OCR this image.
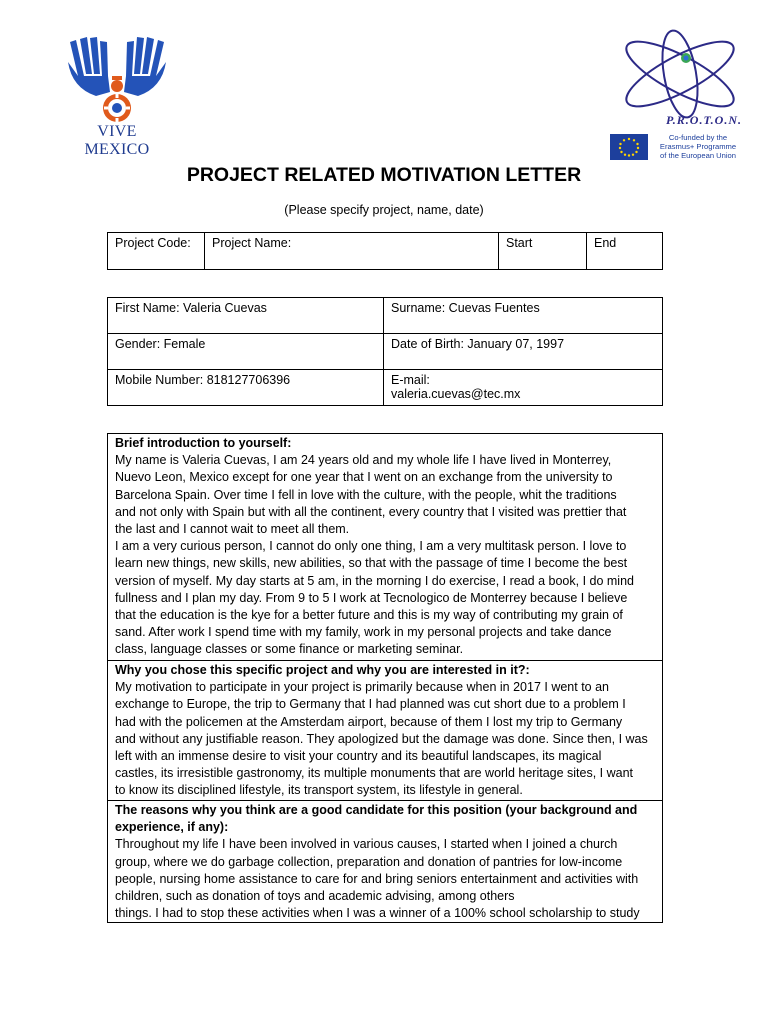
VIVE MEXICO
P.R.O.T.O.N.
Co-funded by the
Erasmus+ Programme
of the European Union
PROJECT RELATED MOTIVATION LETTER
(Please specify project, name, date)
Project Code:	Project Name:	Start	End
First Name: Valeria Cuevas	Surname: Cuevas Fuentes
Gender: Female	Date of Birth: January 07, 1997
Mobile Number: 818127706396	E-mail:
valeria.cuevas@tec.mx
Brief introduction to yourself:
My name is Valeria Cuevas, I am 24 years old and my whole life I have lived in Monterrey,
Nuevo Leon, Mexico except for one year that I went on an exchange from the university to
Barcelona Spain. Over time I fell in love with the culture, with the people, whit the traditions
and not only with Spain but with all the continent, every country that I visited was prettier that
the last and I cannot wait to meet all them.
I am a very curious person, I cannot do only one thing, I am a very multitask person. I love to
learn new things, new skills, new abilities, so that with the passage of time I become the best
version of myself. My day starts at 5 am, in the morning I do exercise, I read a book, I do mind
fullness and I plan my day. From 9 to 5 I work at Tecnologico de Monterrey because I believe
that the education is the kye for a better future and this is my way of contributing my grain of
sand. After work I spend time with my family, work in my personal projects and take dance
class, language classes or some finance or marketing seminar.

Why you chose this specific project and why you are interested in it?:
My motivation to participate in your project is primarily because when in 2017 I went to an
exchange to Europe, the trip to Germany that I had planned was cut short due to a problem I
had with the policemen at the Amsterdam airport, because of them I lost my trip to Germany
and without any justifiable reason. They apologized but the damage was done. Since then, I was
left with an immense desire to visit your country and its beautiful landscapes, its magical
castles, its irresistible gastronomy, its multiple monuments that are world heritage sites, I want
to know its disciplined lifestyle, its transport system, its lifestyle in general.

The reasons why you think are a good candidate for this position (your background and
experience, if any):
Throughout my life I have been involved in various causes, I started when I joined a church
group, where we do garbage collection, preparation and donation of pantries for low-income
people, nursing home assistance to care for and bring seniors entertainment and activities with
children, such as donation of toys and academic advising, among others
things. I had to stop these activities when I was a winner of a 100% school scholarship to study
